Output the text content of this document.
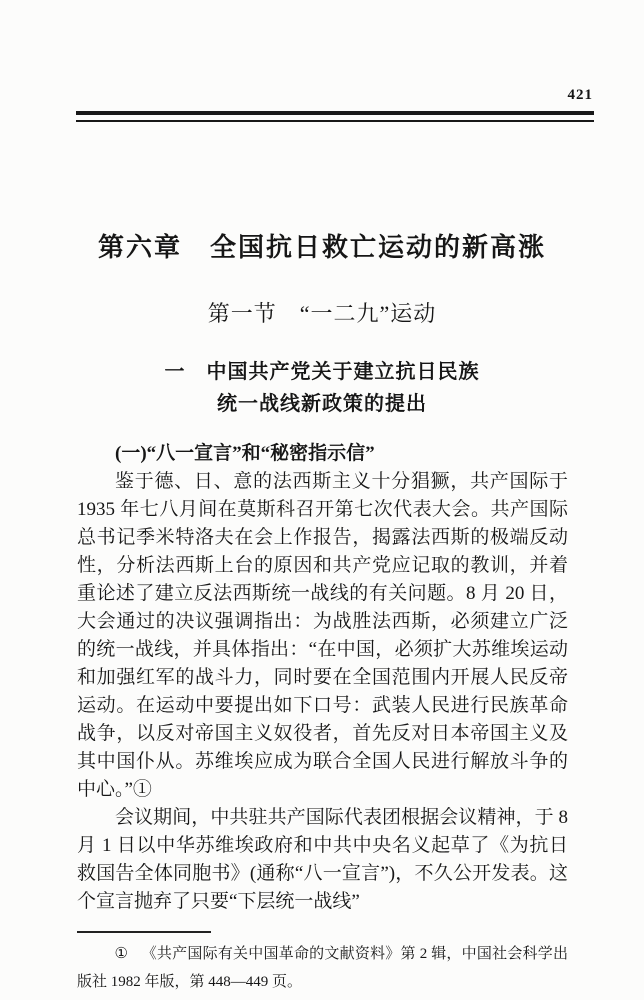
421
第六章　全国抗日救亡运动的新高涨
第一节　“一二九”运动
一　中国共产党关于建立抗日民族
统一战线新政策的提出

(一)“八一宣言”和“秘密指示信”

鉴于德、日、意的法西斯主义十分猖獗，共产国际于 1935 年七八月间在莫斯科召开第七次代表大会。共产国际总书记季米特洛夫在会上作报告，揭露法西斯的极端反动性，分析法西斯上台的原因和共产党应记取的教训，并着重论述了建立反法西斯统一战线的有关问题。8 月 20 日，大会通过的决议强调指出：为战胜法西斯，必须建立广泛的统一战线，并具体指出：“在中国，必须扩大苏维埃运动和加强红军的战斗力，同时要在全国范围内开展人民反帝运动。在运动中要提出如下口号：武装人民进行民族革命战争，以反对帝国主义奴役者，首先反对日本帝国主义及其中国仆从。苏维埃应成为联合全国人民进行解放斗争的中心。”①

会议期间，中共驻共产国际代表团根据会议精神，于 8 月 1 日以中华苏维埃政府和中共中央名义起草了《为抗日救国告全体同胞书》(通称“八一宣言”)，不久公开发表。这个宣言抛弃了只要“下层统一战线”

① 《共产国际有关中国革命的文献资料》第 2 辑，中国社会科学出版社 1982 年版，第 448—449 页。
